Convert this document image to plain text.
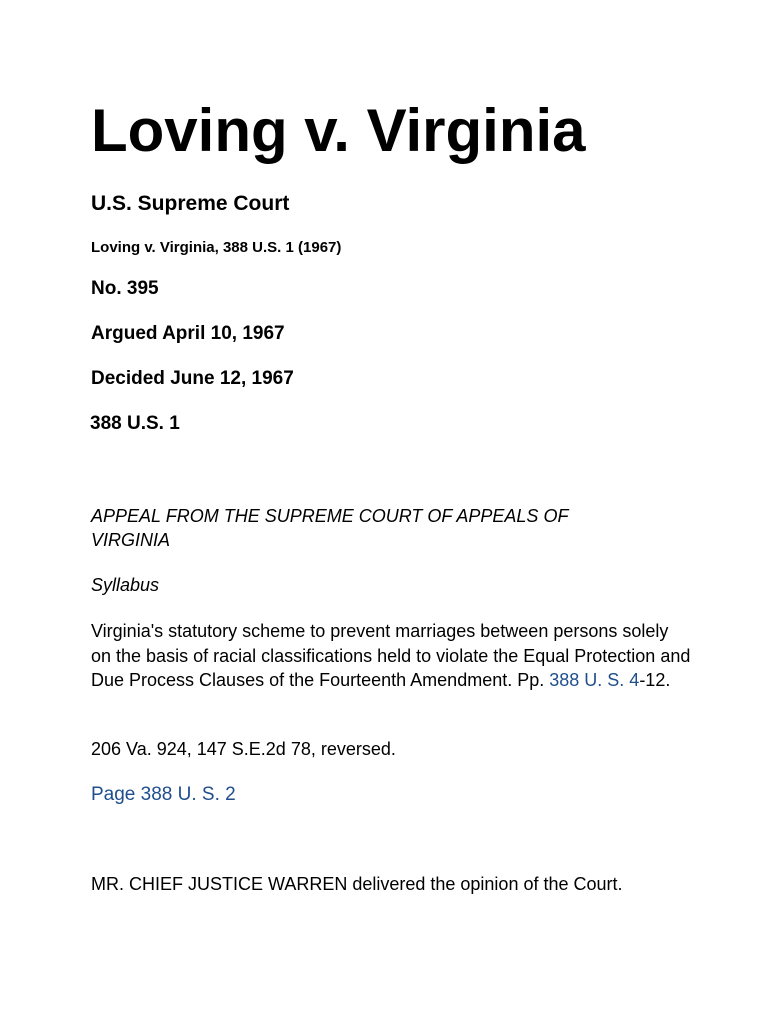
Loving v. Virginia
U.S. Supreme Court
Loving v. Virginia, 388 U.S. 1 (1967)
No. 395
Argued April 10, 1967
Decided June 12, 1967
388 U.S. 1
APPEAL FROM THE SUPREME COURT OF APPEALS OF VIRGINIA
Syllabus
Virginia's statutory scheme to prevent marriages between persons solely on the basis of racial classifications held to violate the Equal Protection and Due Process Clauses of the Fourteenth Amendment. Pp. 388 U. S. 4-12.
206 Va. 924, 147 S.E.2d 78, reversed.
Page 388 U. S. 2
MR. CHIEF JUSTICE WARREN delivered the opinion of the Court.
